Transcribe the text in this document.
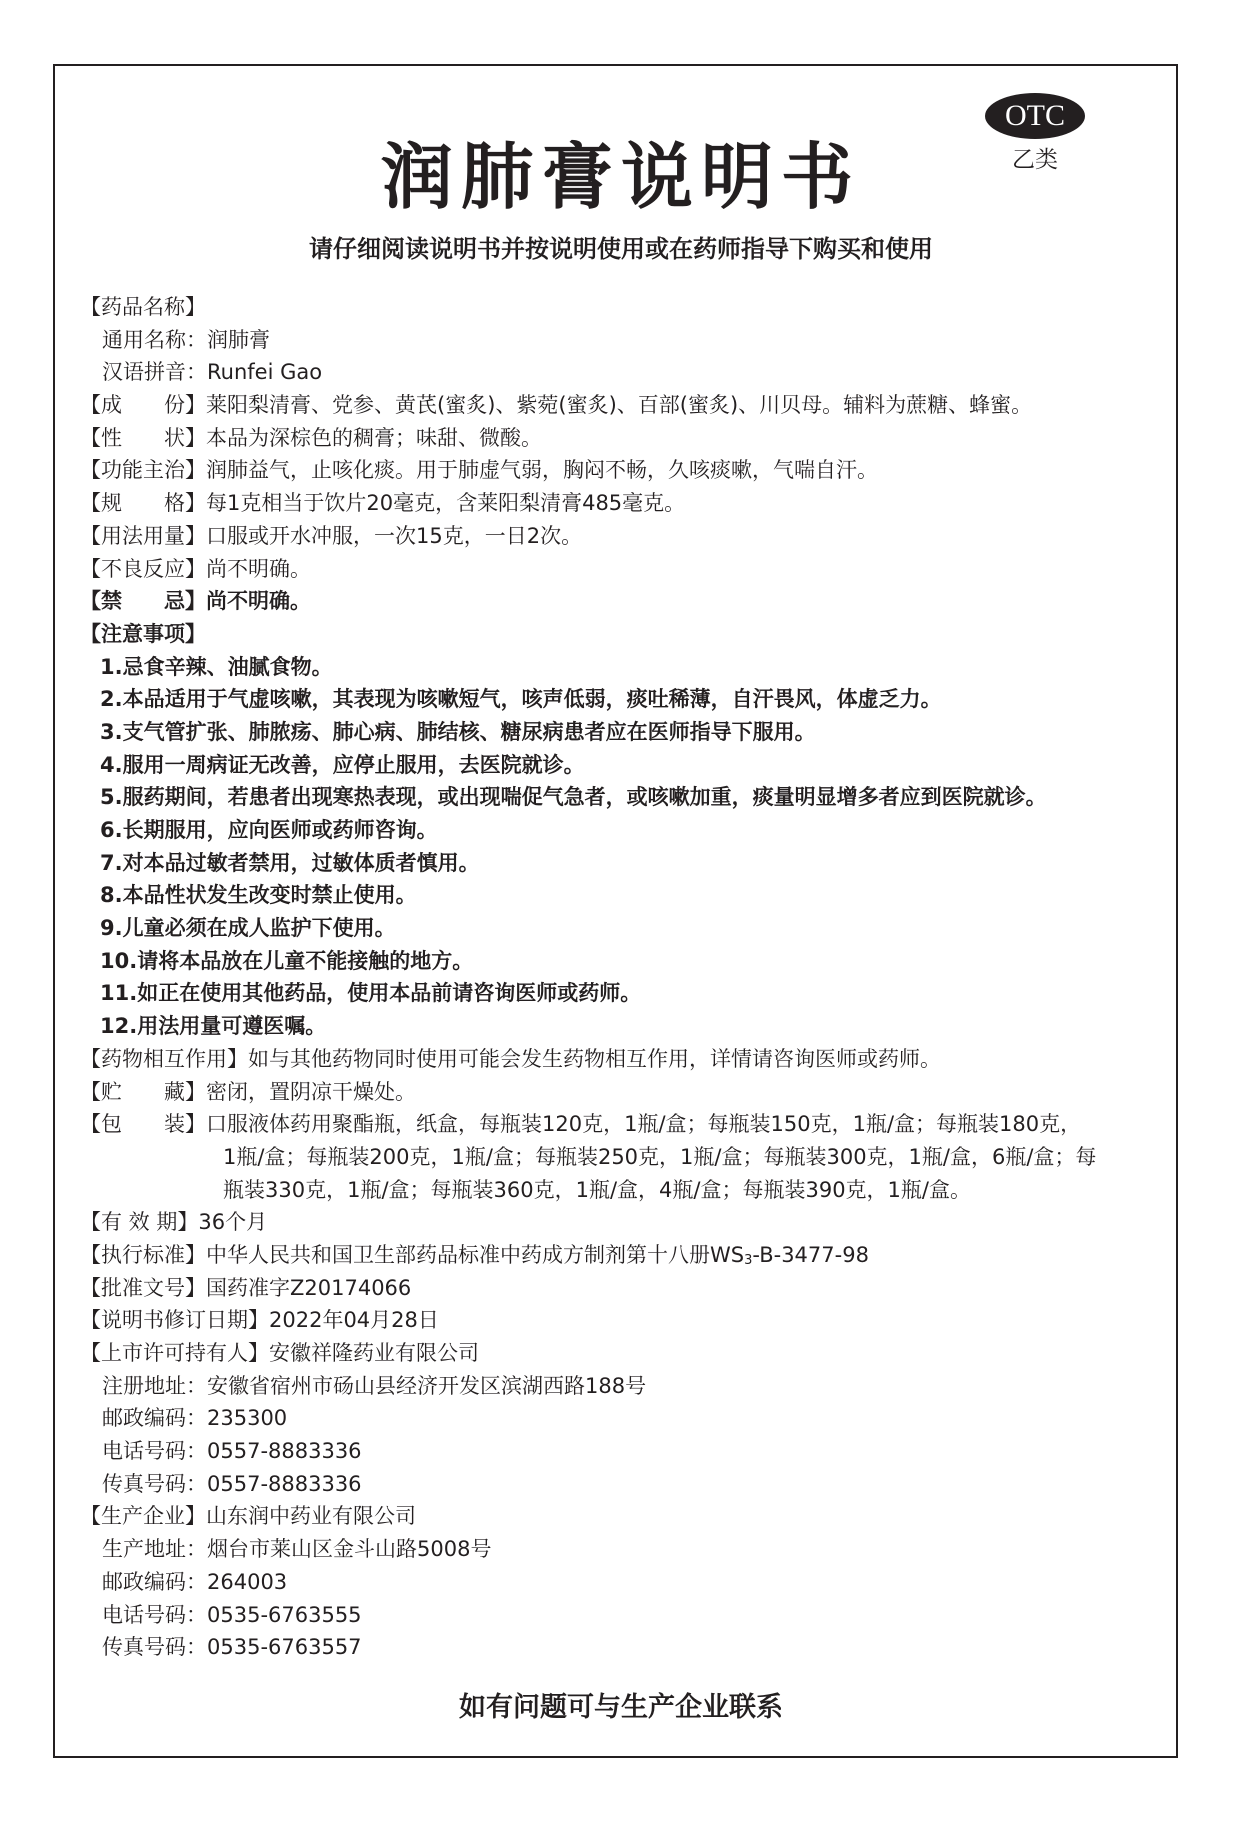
OTC
乙类
润肺膏说明书
请仔细阅读说明书并按说明使用或在药师指导下购买和使用
【药品名称】
通用名称：润肺膏
汉语拼音：Runfei Gao
【成　　份】莱阳梨清膏、党参、黄芪(蜜炙)、紫菀(蜜炙)、百部(蜜炙)、川贝母。辅料为蔗糖、蜂蜜。
【性　　状】本品为深棕色的稠膏；味甜、微酸。
【功能主治】润肺益气，止咳化痰。用于肺虚气弱，胸闷不畅，久咳痰嗽，气喘自汗。
【规　　格】每1克相当于饮片20毫克，含莱阳梨清膏485毫克。
【用法用量】口服或开水冲服，一次15克，一日2次。
【不良反应】尚不明确。
【禁　　忌】尚不明确。
【注意事项】
1.忌食辛辣、油腻食物。
2.本品适用于气虚咳嗽，其表现为咳嗽短气，咳声低弱，痰吐稀薄，自汗畏风，体虚乏力。
3.支气管扩张、肺脓疡、肺心病、肺结核、糖尿病患者应在医师指导下服用。
4.服用一周病证无改善，应停止服用，去医院就诊。
5.服药期间，若患者出现寒热表现，或出现喘促气急者，或咳嗽加重，痰量明显增多者应到医院就诊。
6.长期服用，应向医师或药师咨询。
7.对本品过敏者禁用，过敏体质者慎用。
8.本品性状发生改变时禁止使用。
9.儿童必须在成人监护下使用。
10.请将本品放在儿童不能接触的地方。
11.如正在使用其他药品，使用本品前请咨询医师或药师。
12.用法用量可遵医嘱。
【药物相互作用】如与其他药物同时使用可能会发生药物相互作用，详情请咨询医师或药师。
【贮　　藏】密闭，置阴凉干燥处。
【包　　装】口服液体药用聚酯瓶，纸盒，每瓶装120克，1瓶/盒；每瓶装150克，1瓶/盒；每瓶装180克，
1瓶/盒；每瓶装200克，1瓶/盒；每瓶装250克，1瓶/盒；每瓶装300克，1瓶/盒，6瓶/盒；每
瓶装330克，1瓶/盒；每瓶装360克，1瓶/盒，4瓶/盒；每瓶装390克，1瓶/盒。
【有 效 期】36个月
【执行标准】中华人民共和国卫生部药品标准中药成方制剂第十八册$WS_3-B-3477-98$
【批准文号】国药准字Z20174066
【说明书修订日期】2022年04月28日
【上市许可持有人】安徽祥隆药业有限公司
注册地址：安徽省宿州市砀山县经济开发区滨湖西路188号
邮政编码：235300
电话号码：0557-8883336
传真号码：0557-8883336
【生产企业】山东润中药业有限公司
生产地址：烟台市莱山区金斗山路5008号
邮政编码：264003
电话号码：0535-6763555
传真号码：0535-6763557
如有问题可与生产企业联系
